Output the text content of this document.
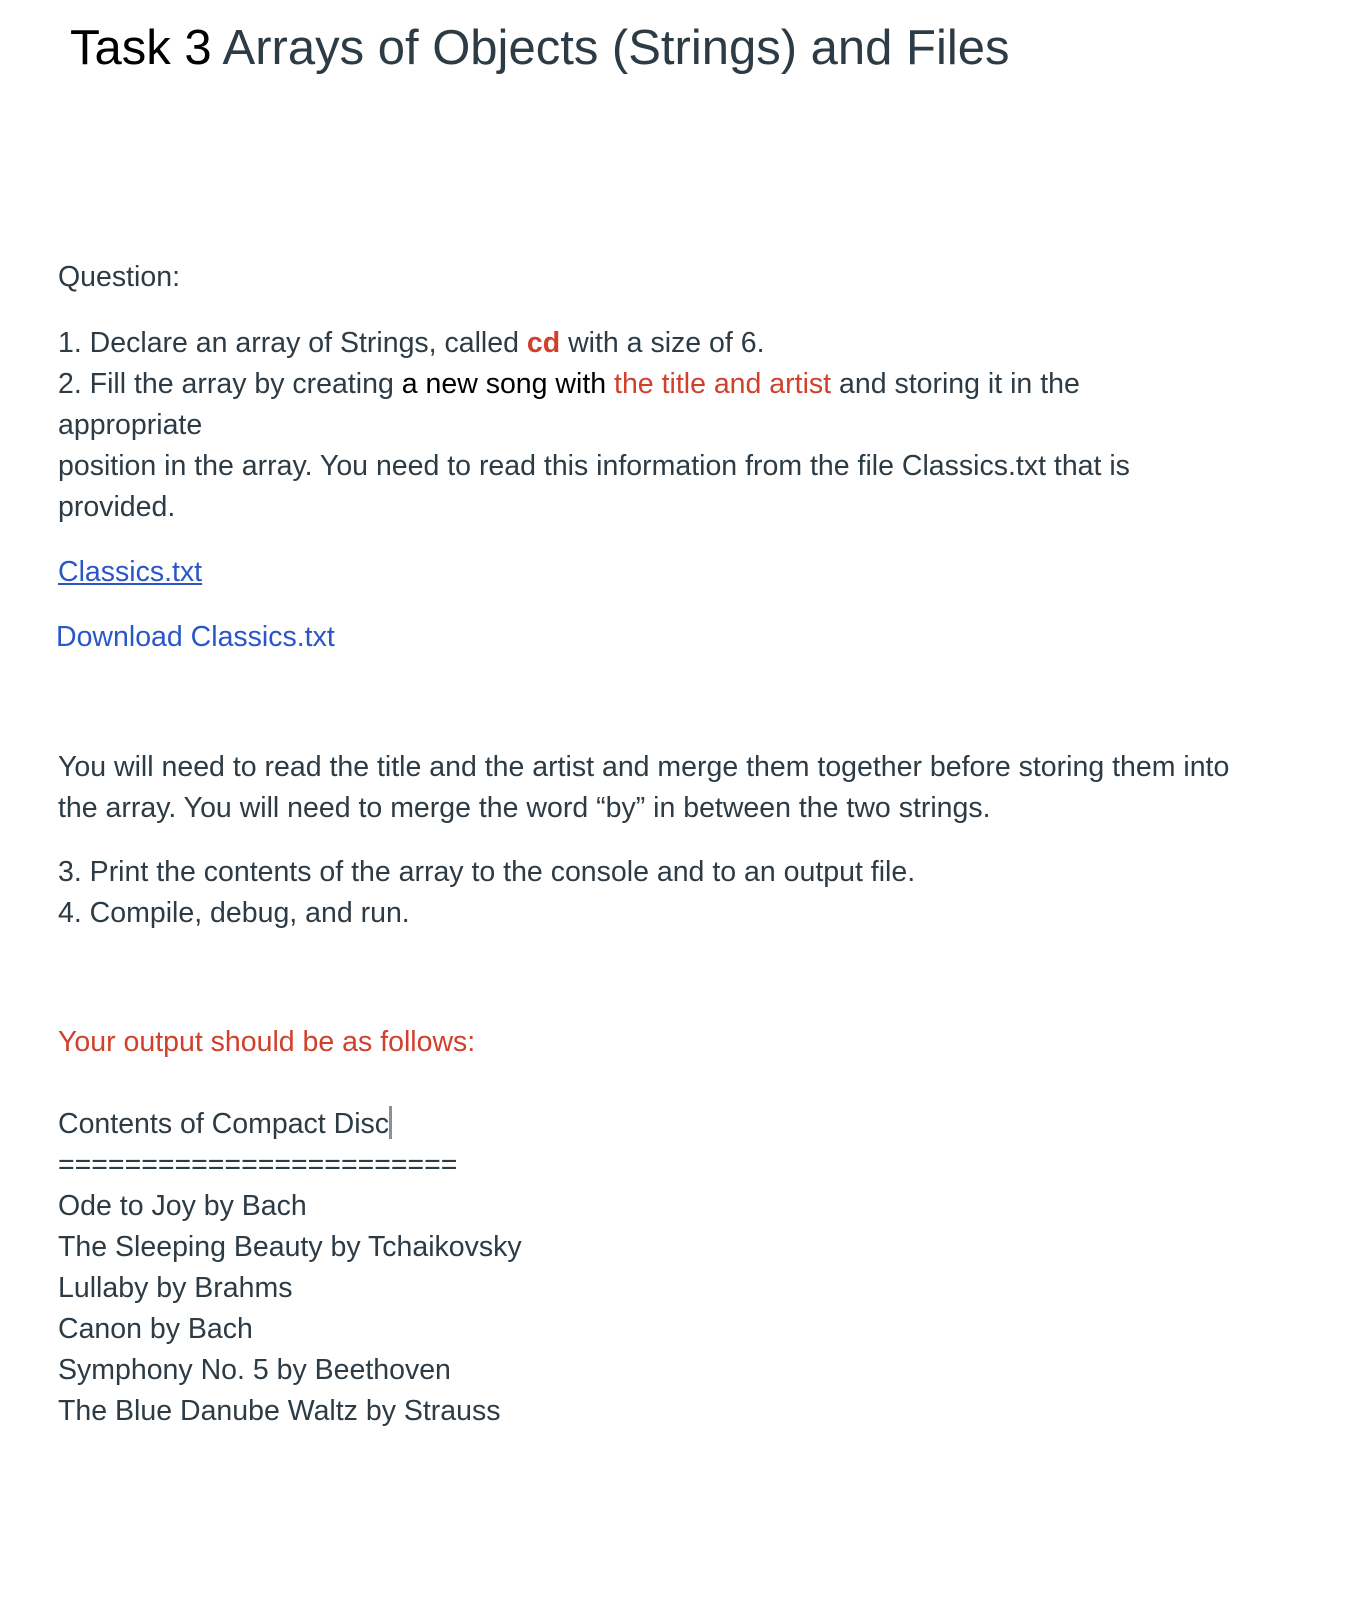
Task 3 Arrays of Objects (Strings) and Files
Question:
1. Declare an array of Strings, called cd with a size of 6.
2. Fill the array by creating a new song with the title and artist and storing it in the appropriate
position in the array. You need to read this information from the file Classics.txt that is provided.
Classics.txt
Download Classics.txt
You will need to read the title and the artist and merge them together before storing them into the array. You will need to merge the word “by” in between the two strings.
3. Print the contents of the array to the console and to an output file.
4. Compile, debug, and run.
Your output should be as follows:
Contents of Compact Disc
========================
Ode to Joy by Bach
The Sleeping Beauty by Tchaikovsky
Lullaby by Brahms
Canon by Bach
Symphony No. 5 by Beethoven
The Blue Danube Waltz by Strauss
